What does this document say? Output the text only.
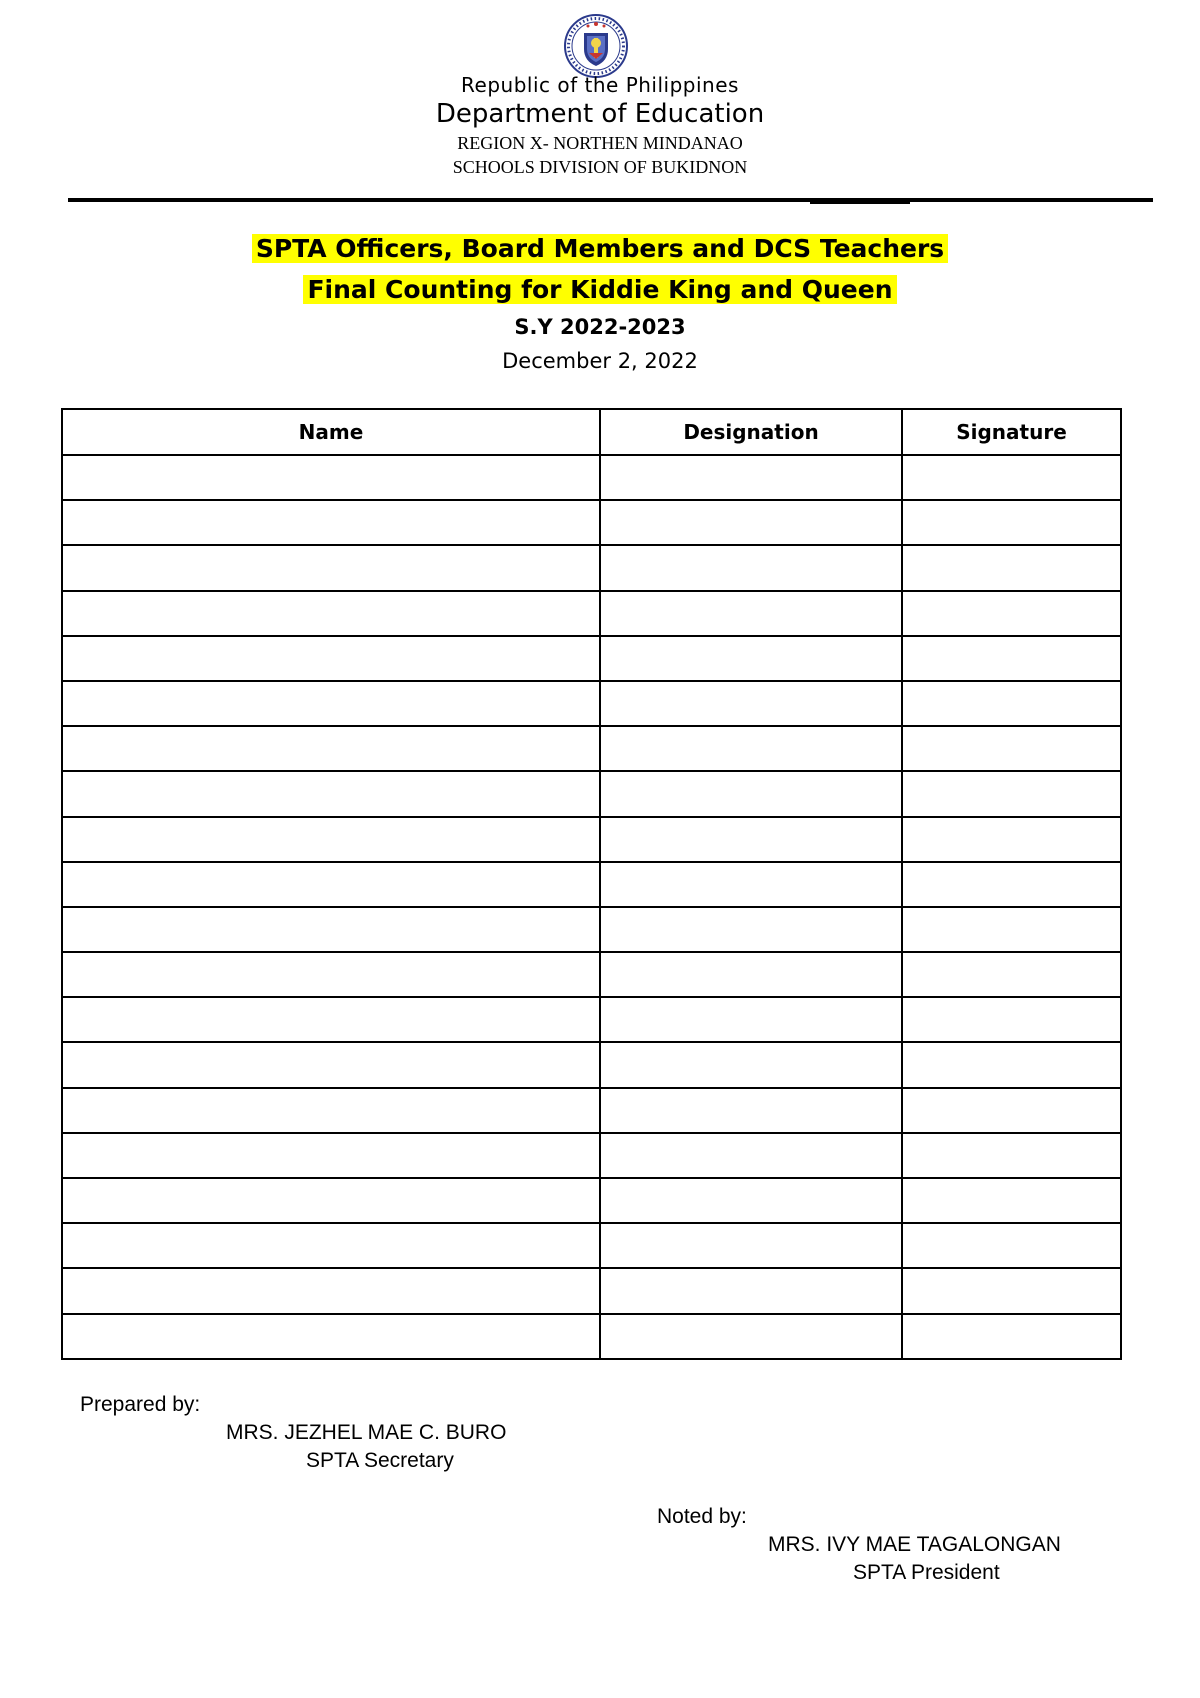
Republic of the Philippines
Department of Education
REGION X- NORTHEN MINDANAO
SCHOOLS DIVISION OF BUKIDNON
SPTA Officers, Board Members and DCS Teachers
Final Counting for Kiddie King and Queen
S.Y 2022-2023
December 2, 2022
Name	Designation	Signature

Prepared by:
MRS. JEZHEL MAE C. BURO
SPTA Secretary
Noted by:
MRS. IVY MAE TAGALONGAN
SPTA President
